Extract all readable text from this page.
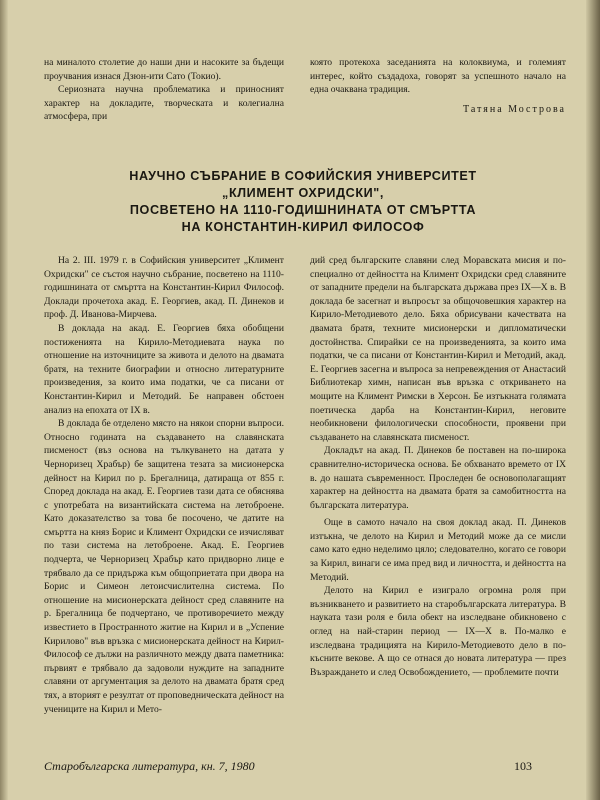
на миналото столетие до наши дни и насоките за бъдещи проучвания изнася Дзюн-ити Сато (Токио).

Сериозната научна проблематика и приносният характер на докладите, творческата и колегиална атмосфера, при

която протекоха заседанията на колоквиума, и големият интерес, който създадоха, говорят за успешното начало на една очаквана традиция.

Татяна Мострова
НАУЧНО СЪБРАНИЕ В СОФИЙСКИЯ УНИВЕРСИТЕТ
„КЛИМЕНТ ОХРИДСКИ",
ПОСВЕТЕНО НА 1110-ГОДИШНИНАТА ОТ СМЪРТТА
НА КОНСТАНТИН-КИРИЛ ФИЛОСОФ

На 2. III. 1979 г. в Софийския университет „Климент Охридски" се състоя научно събрание, посветено на 1110-годишнината от смъртта на Константин-Кирил Философ. Доклади прочетоха акад. Е. Георгиев, акад. П. Динеков и проф. Д. Иванова-Мирчева.

В доклада на акад. Е. Георгиев бяха обобщени постиженията на Кирило-Методиевата наука по отношение на източниците за живота и делото на двамата братя, на техните биографии и относно литературните произведения, за които има податки, че са писани от Константин-Кирил и Методий. Бе направен обстоен анализ на епохата от IX в.

В доклада бе отделено място на някои спорни въпроси. Относно годината на създаването на славянската писменост (въз основа на тълкуването на датата у Черноризец Храбър) бе защитена тезата за мисионерска дейност на Кирил по р. Брегалница, датираща от 855 г. Според доклада на акад. Е. Георгиев тази дата се обяснява с употребата на византийската система на летоброене. Като доказателство за това бе посочено, че датите на смъртта на княз Борис и Климент Охридски се изчисляват по тази система на летоброене. Акад. Е. Георгиев подчерта, че Черноризец Храбър като придворно лице е трябвало да се придържа към общоприетата при двора на Борис и Симеон летоисчислителна система. По отношение на мисионерската дейност сред славяните на р. Брегалница бе подчертано, че противоречието между известието в Пространното житие на Кирил и в „Успение Кирилово" във връзка с мисионерската дейност на Кирил-Философ се дължи на различното между двата паметника: първият е трябвало да задоволи нуждите на западните славяни от аргументация за делото на двамата братя сред тях, а вторият е резултат от проповедническата дейност на учениците на Кирил и Мето-

дий сред българските славяни след Моравската мисия и по-специално от дейността на Климент Охридски сред славяните от западните предели на българската държава през IX—X в. В доклада бе засегнат и въпросът за общочовешкия характер на Кирило-Методиевото дело. Бяха обрисувани качествата на двамата братя, техните мисионерски и дипломатически достойнства. Спирайки се на произведенията, за които има податки, че са писани от Константин-Кирил и Методий, акад. Е. Георгиев засегна и въпроса за непревеждения от Анастасий Библиотекар химн, написан във връзка с откриването на мощите на Климент Римски в Херсон. Бе изтъкната голямата поетическа дарба на Константин-Кирил, неговите необикновени филологически способности, проявени при създаването на славянската писменост.

Докладът на акад. П. Динеков бе поставен на по-широка сравнително-историческа основа. Бе обхванато времето от IX в. до нашата съвременност. Проследен бе основополагащият характер на дейността на двамата братя за самобитността на българската литература.

Още в самото начало на своя доклад акад. П. Динеков изтъкна, че делото на Кирил и Методий може да се мисли само като едно неделимо цяло; следователно, когато се говори за Кирил, винаги се има пред вид и личността, и дейността на Методий.

Делото на Кирил е изиграло огромна роля при възникването и развитието на старобългарската литература. В науката тази роля е била обект на изследване обикновено с оглед на най-старин период — IX—X в. По-малко е изследвана традицията на Кирило-Методиевото дело в по-късните векове. А що се отнася до новата литература — през Възраждането и след Освобождението, — проблемите почти

Старобългарска литература, кн. 7, 1980	103
